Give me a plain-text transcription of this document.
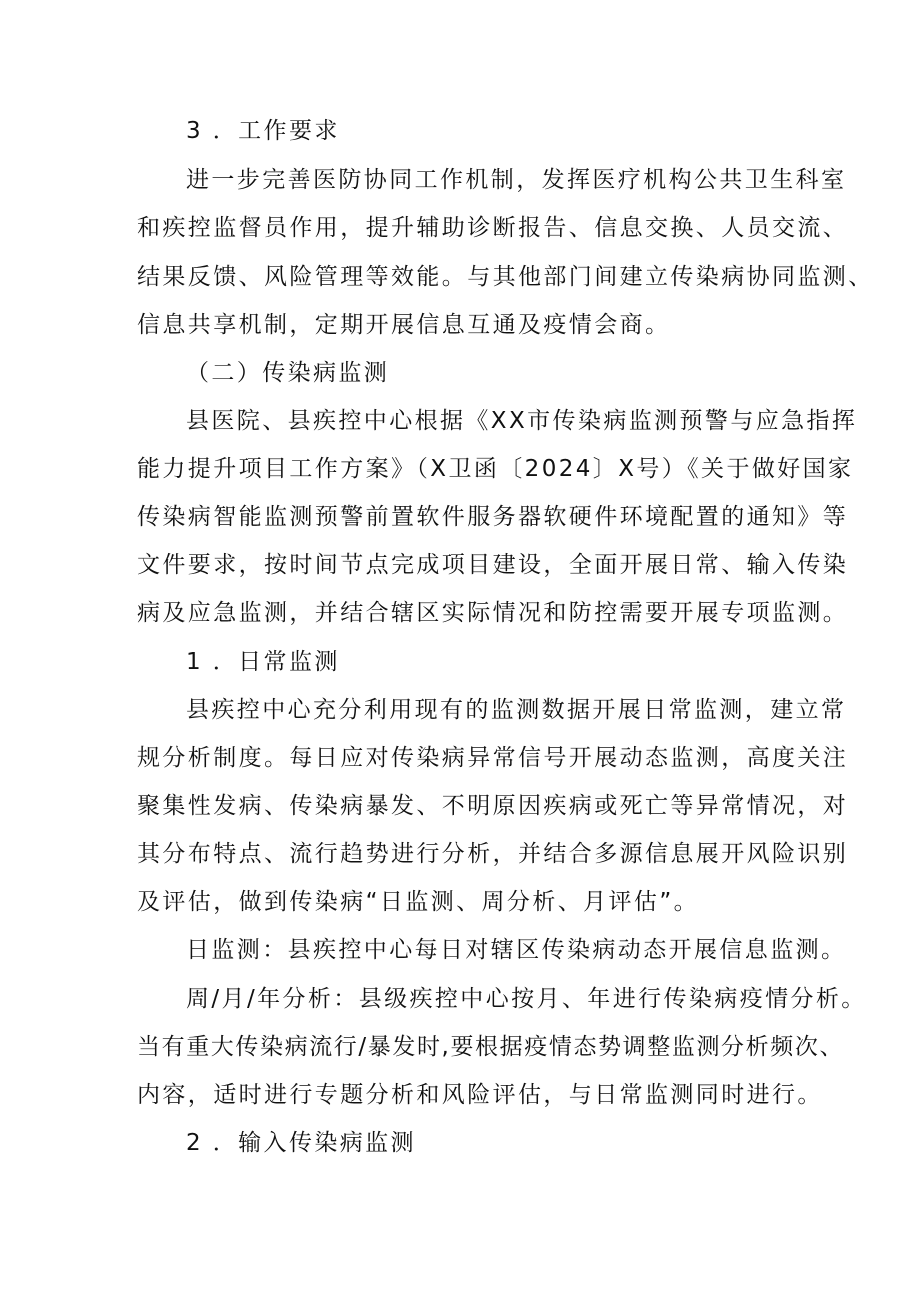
3 ．工作要求
进一步完善医防协同工作机制，发挥医疗机构公共卫生科室
和疾控监督员作用，提升辅助诊断报告、信息交换、人员交流、
结果反馈、风险管理等效能。与其他部门间建立传染病协同监测、
信息共享机制，定期开展信息互通及疫情会商。
（二）传染病监测
县医院、县疾控中心根据《XX市传染病监测预警与应急指挥
能力提升项目工作方案》（X卫函〔2024〕X号）《关于做好国家
传染病智能监测预警前置软件服务器软硬件环境配置的通知》等
文件要求，按时间节点完成项目建设，全面开展日常、输入传染
病及应急监测，并结合辖区实际情况和防控需要开展专项监测。
1 ．日常监测
县疾控中心充分利用现有的监测数据开展日常监测，建立常
规分析制度。每日应对传染病异常信号开展动态监测，高度关注
聚集性发病、传染病暴发、不明原因疾病或死亡等异常情况，对
其分布特点、流行趋势进行分析，并结合多源信息展开风险识别
及评估，做到传染病“日监测、周分析、月评估”。
日监测：县疾控中心每日对辖区传染病动态开展信息监测。
周/月/年分析：县级疾控中心按月、年进行传染病疫情分析。
当有重大传染病流行/暴发时,要根据疫情态势调整监测分析频次、
内容，适时进行专题分析和风险评估，与日常监测同时进行。
2 ．输入传染病监测
